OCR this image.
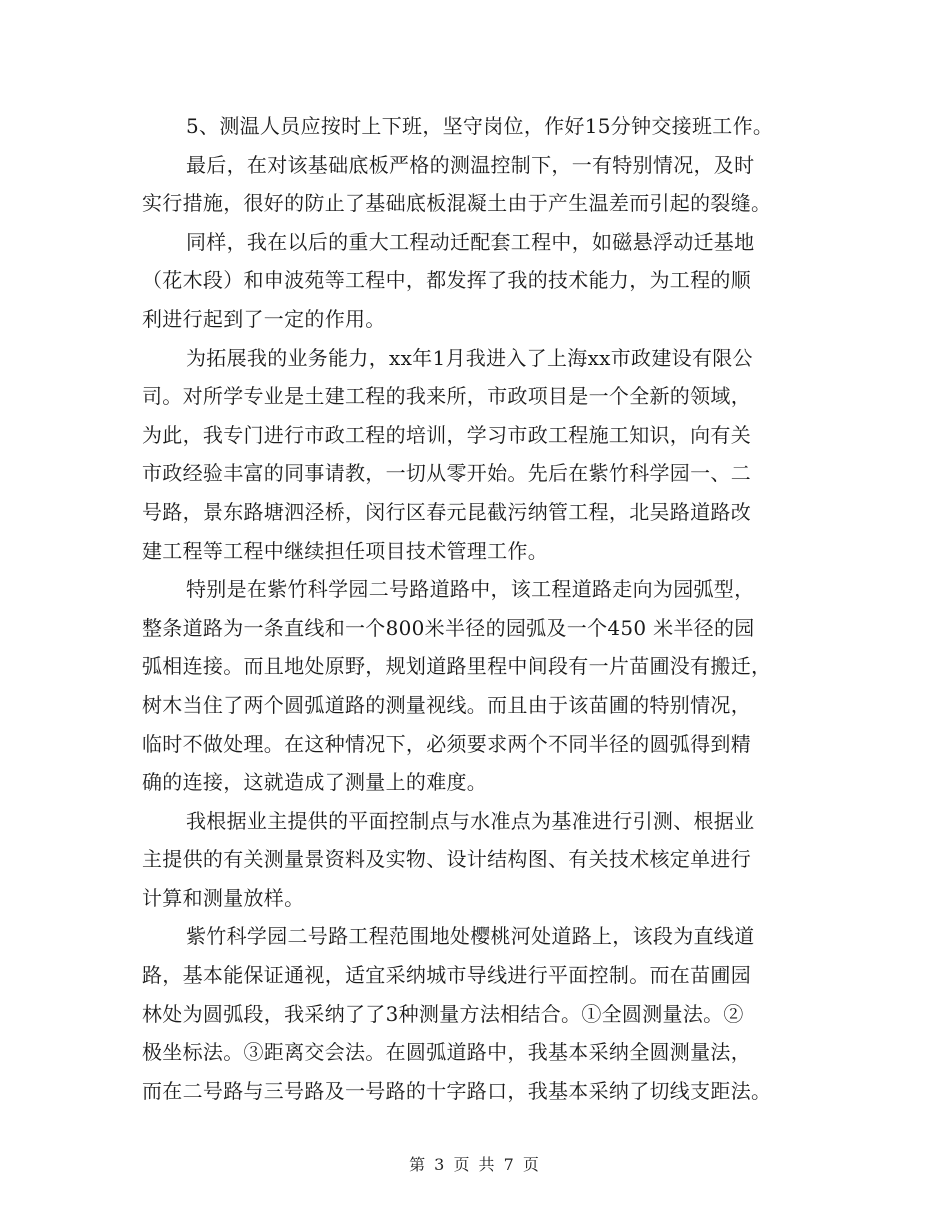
5、测温人员应按时上下班，坚守岗位，作好15分钟交接班工作。
最后，在对该基础底板严格的测温控制下，一有特别情况，及时
实行措施，很好的防止了基础底板混凝土由于产生温差而引起的裂缝。
同样，我在以后的重大工程动迁配套工程中，如磁悬浮动迁基地
（花木段）和申波苑等工程中，都发挥了我的技术能力，为工程的顺
利进行起到了一定的作用。
为拓展我的业务能力，xx年1月我进入了上海xx市政建设有限公
司。对所学专业是土建工程的我来所，市政项目是一个全新的领域，
为此，我专门进行市政工程的培训，学习市政工程施工知识，向有关
市政经验丰富的同事请教，一切从零开始。先后在紫竹科学园一、二
号路，景东路塘泗泾桥，闵行区春元昆截污纳管工程，北吴路道路改
建工程等工程中继续担任项目技术管理工作。
特别是在紫竹科学园二号路道路中，该工程道路走向为园弧型，
整条道路为一条直线和一个800米半径的园弧及一个450 米半径的园
弧相连接。而且地处原野，规划道路里程中间段有一片苗圃没有搬迁，
树木当住了两个圆弧道路的测量视线。而且由于该苗圃的特别情况，
临时不做处理。在这种情况下，必须要求两个不同半径的圆弧得到精
确的连接，这就造成了测量上的难度。
我根据业主提供的平面控制点与水准点为基准进行引测、根据业
主提供的有关测量景资料及实物、设计结构图、有关技术核定单进行
计算和测量放样。
紫竹科学园二号路工程范围地处樱桃河处道路上，该段为直线道
路，基本能保证通视，适宜采纳城市导线进行平面控制。而在苗圃园
林处为圆弧段，我采纳了了3种测量方法相结合。①全圆测量法。②
极坐标法。③距离交会法。在圆弧道路中，我基本采纳全圆测量法，
而在二号路与三号路及一号路的十字路口，我基本采纳了切线支距法。
第 3 页 共 7 页
